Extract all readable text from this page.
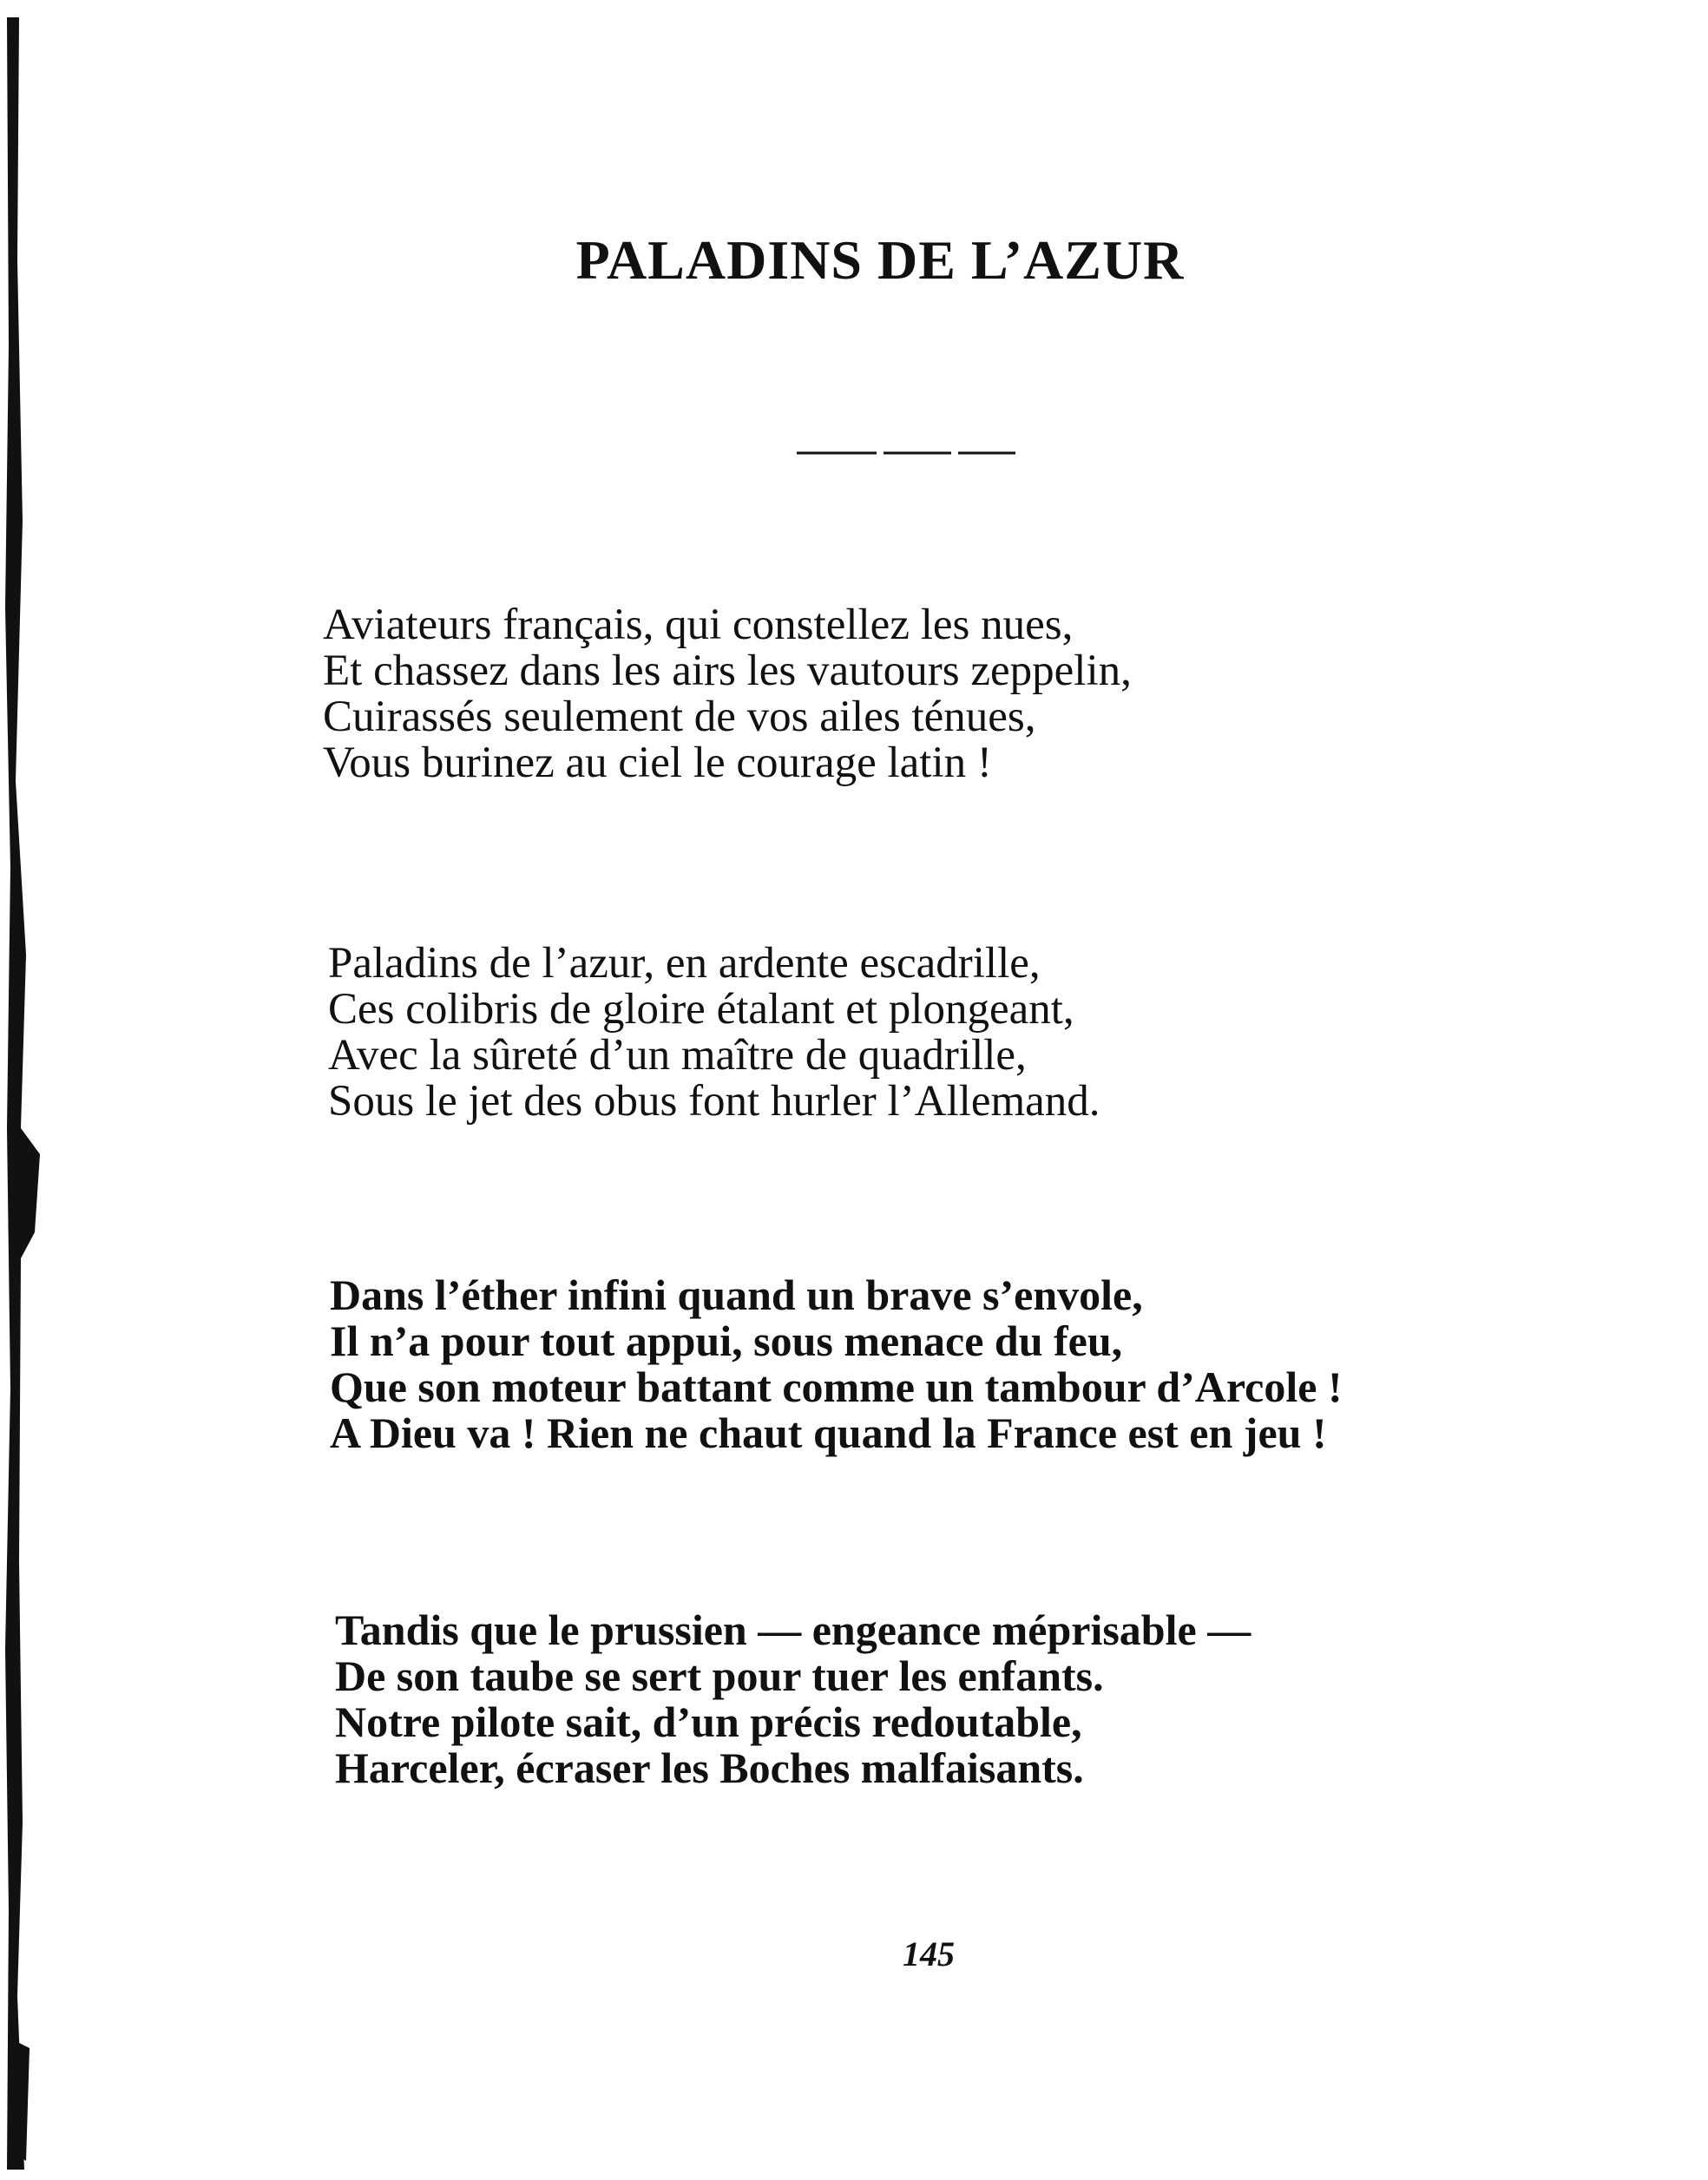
PALADINS DE L’AZUR
Aviateurs français, qui constellez les nues,
Et chassez dans les airs les vautours zeppelin,
Cuirassés seulement de vos ailes ténues,
Vous burinez au ciel le courage latin !
Paladins de l’azur, en ardente escadrille,
Ces colibris de gloire étalant et plongeant,
Avec la sûreté d’un maître de quadrille,
Sous le jet des obus font hurler l’Allemand.
Dans l’éther infini quand un brave s’envole,
Il n’a pour tout appui, sous menace du feu,
Que son moteur battant comme un tambour d’Arcole !
A Dieu va ! Rien ne chaut quand la France est en jeu !
Tandis que le prussien — engeance méprisable —
De son taube se sert pour tuer les enfants.
Notre pilote sait, d’un précis redoutable,
Harceler, écraser les Boches malfaisants.
145
